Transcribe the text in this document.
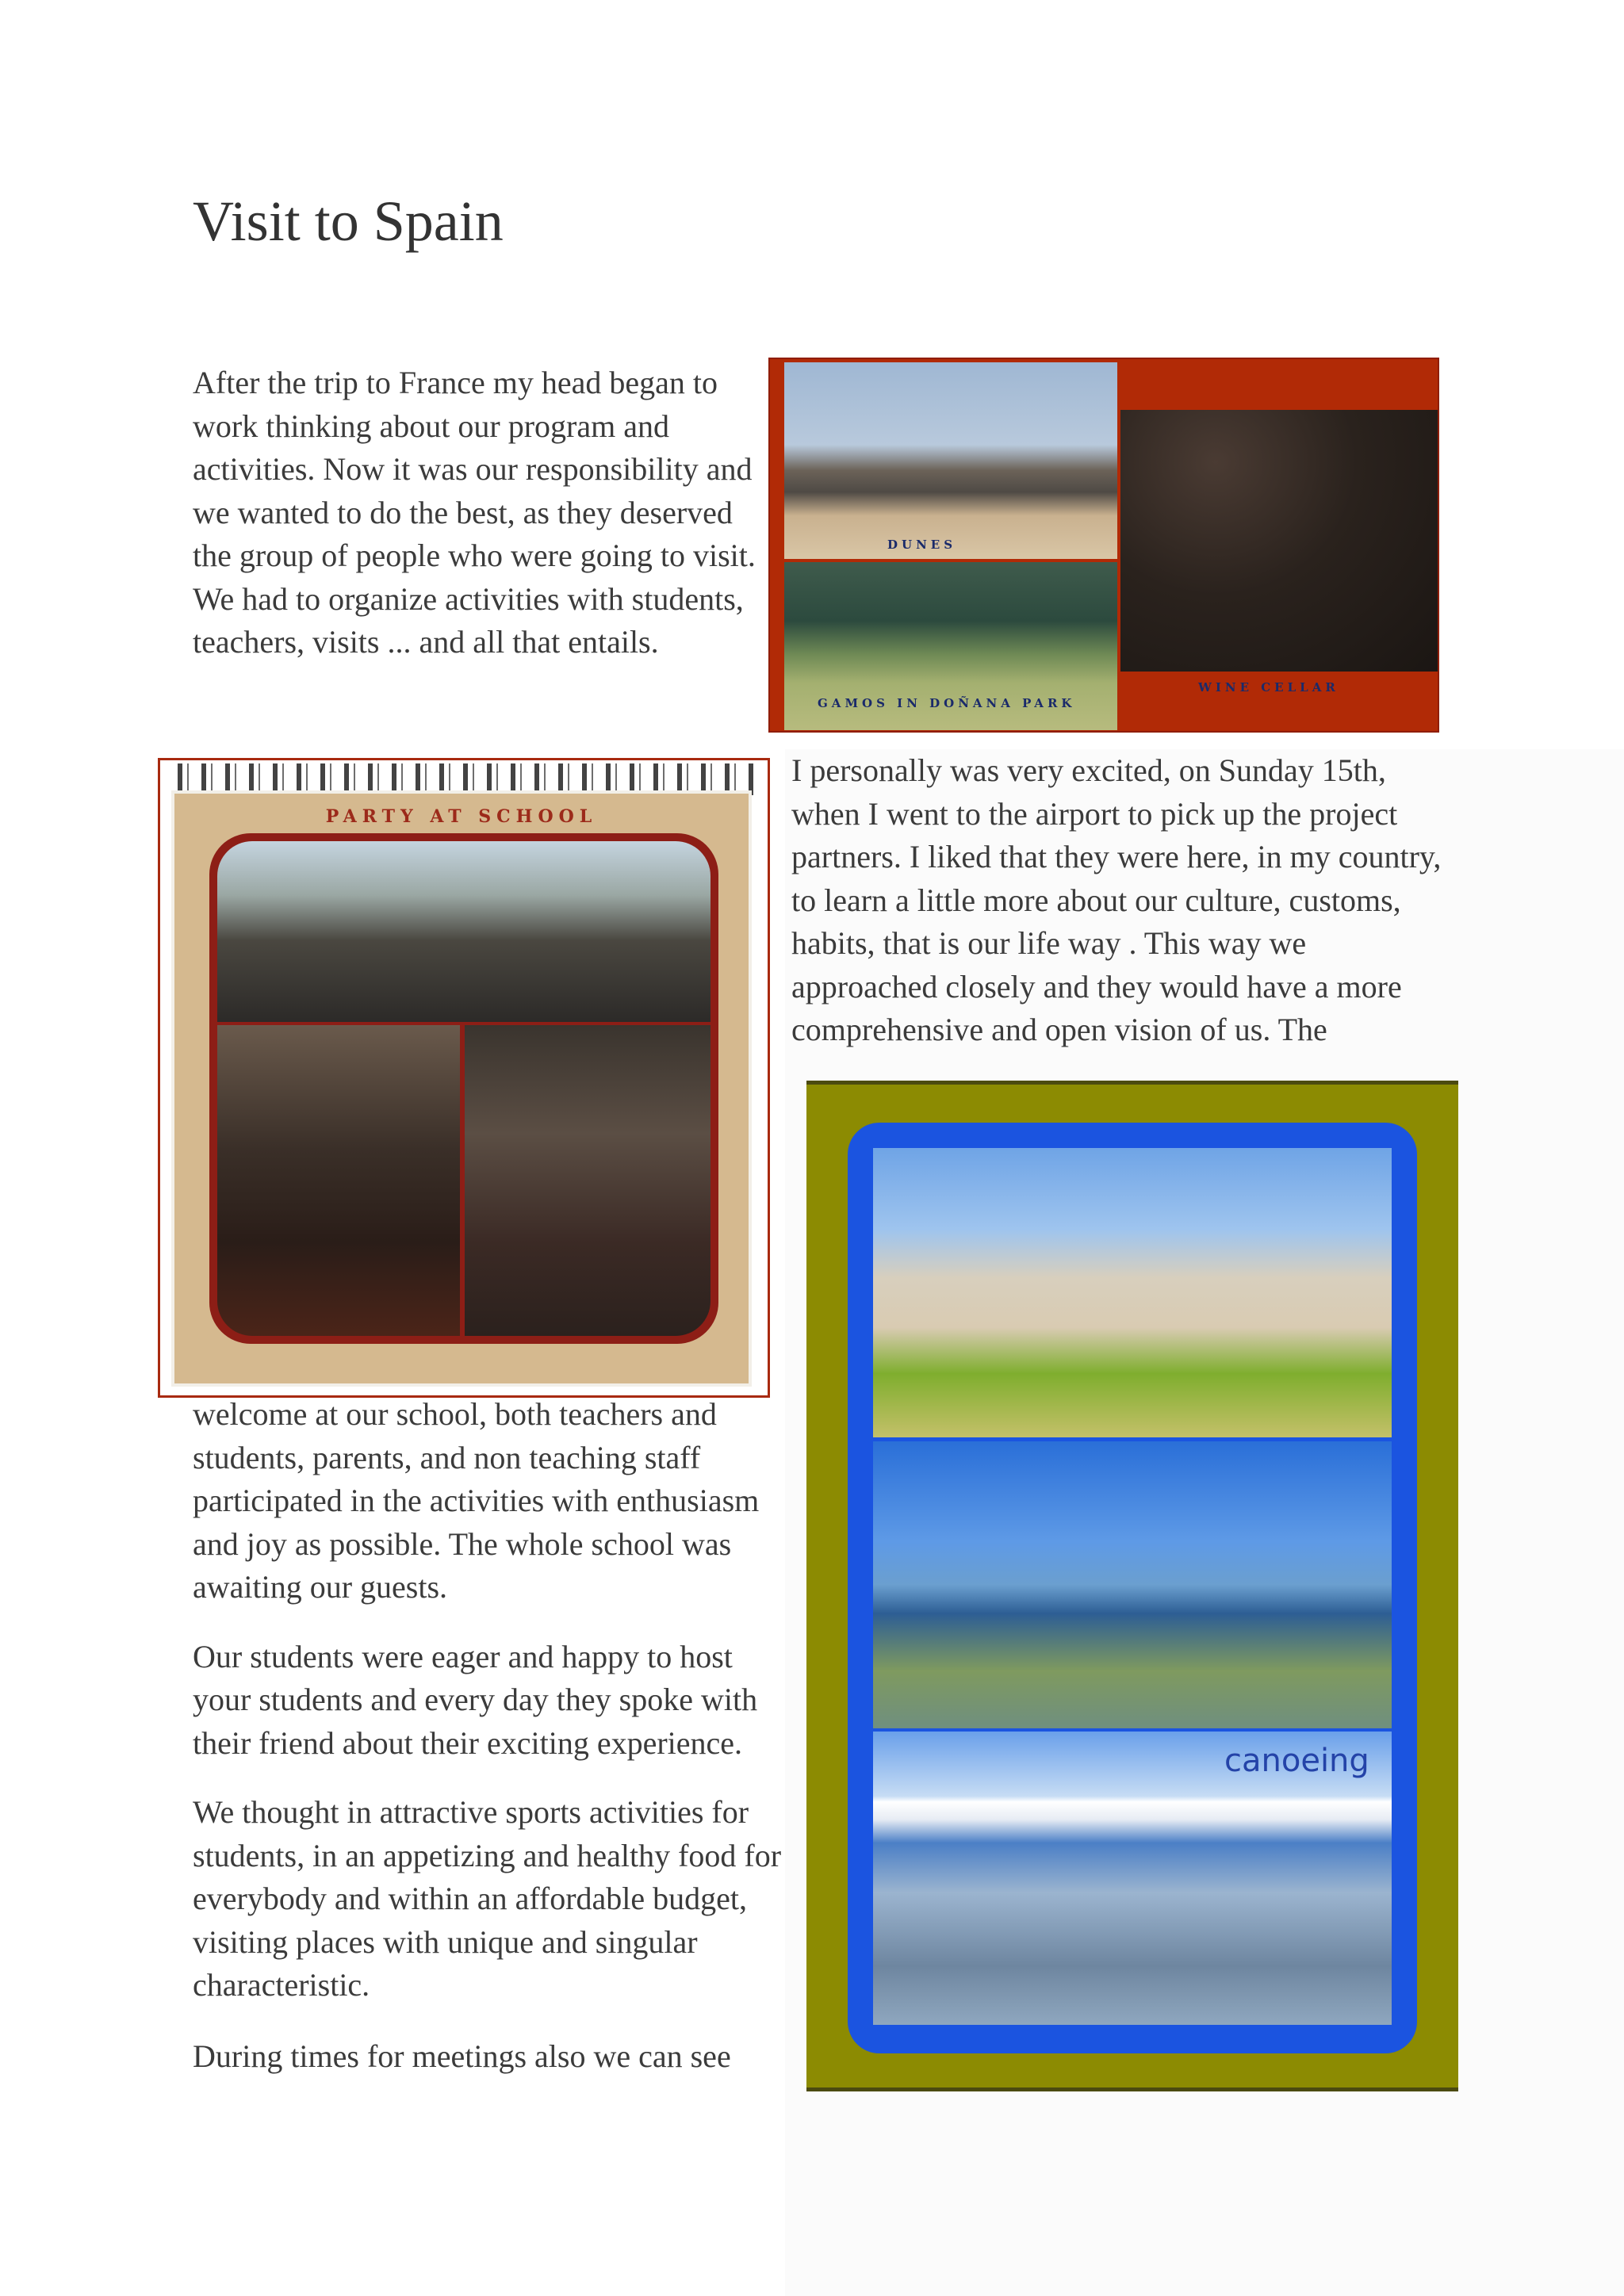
Visit to Spain
After the trip to France my head began to work thinking about our program and activities. Now it was our responsibility and we wanted to do the best, as they deserved the group of people who were going to visit. We had to organize activities with students, teachers, visits ... and all that entails.
DUNES
GAMOS IN DOÑANA PARK
WINE CELLAR
I personally was very excited, on Sunday 15th, when I went to the airport to pick up the project partners. I liked that they were here, in my country, to learn a little more about our culture, customs, habits, that is our life way . This way we approached closely and they would have a more comprehensive and open vision of us. The
PARTY AT SCHOOL

welcome at our school, both teachers and students, parents, and non teaching staff participated in the activities with enthusiasm and joy as possible. The whole school was awaiting our guests.

Our students were eager and happy to host your students and every day they spoke with their friend about their exciting experience.

We thought in attractive sports activities for students, in an appetizing and healthy food for everybody and within an affordable budget, visiting places with unique and singular characteristic.

During times for meetings also we can see
canoeing
